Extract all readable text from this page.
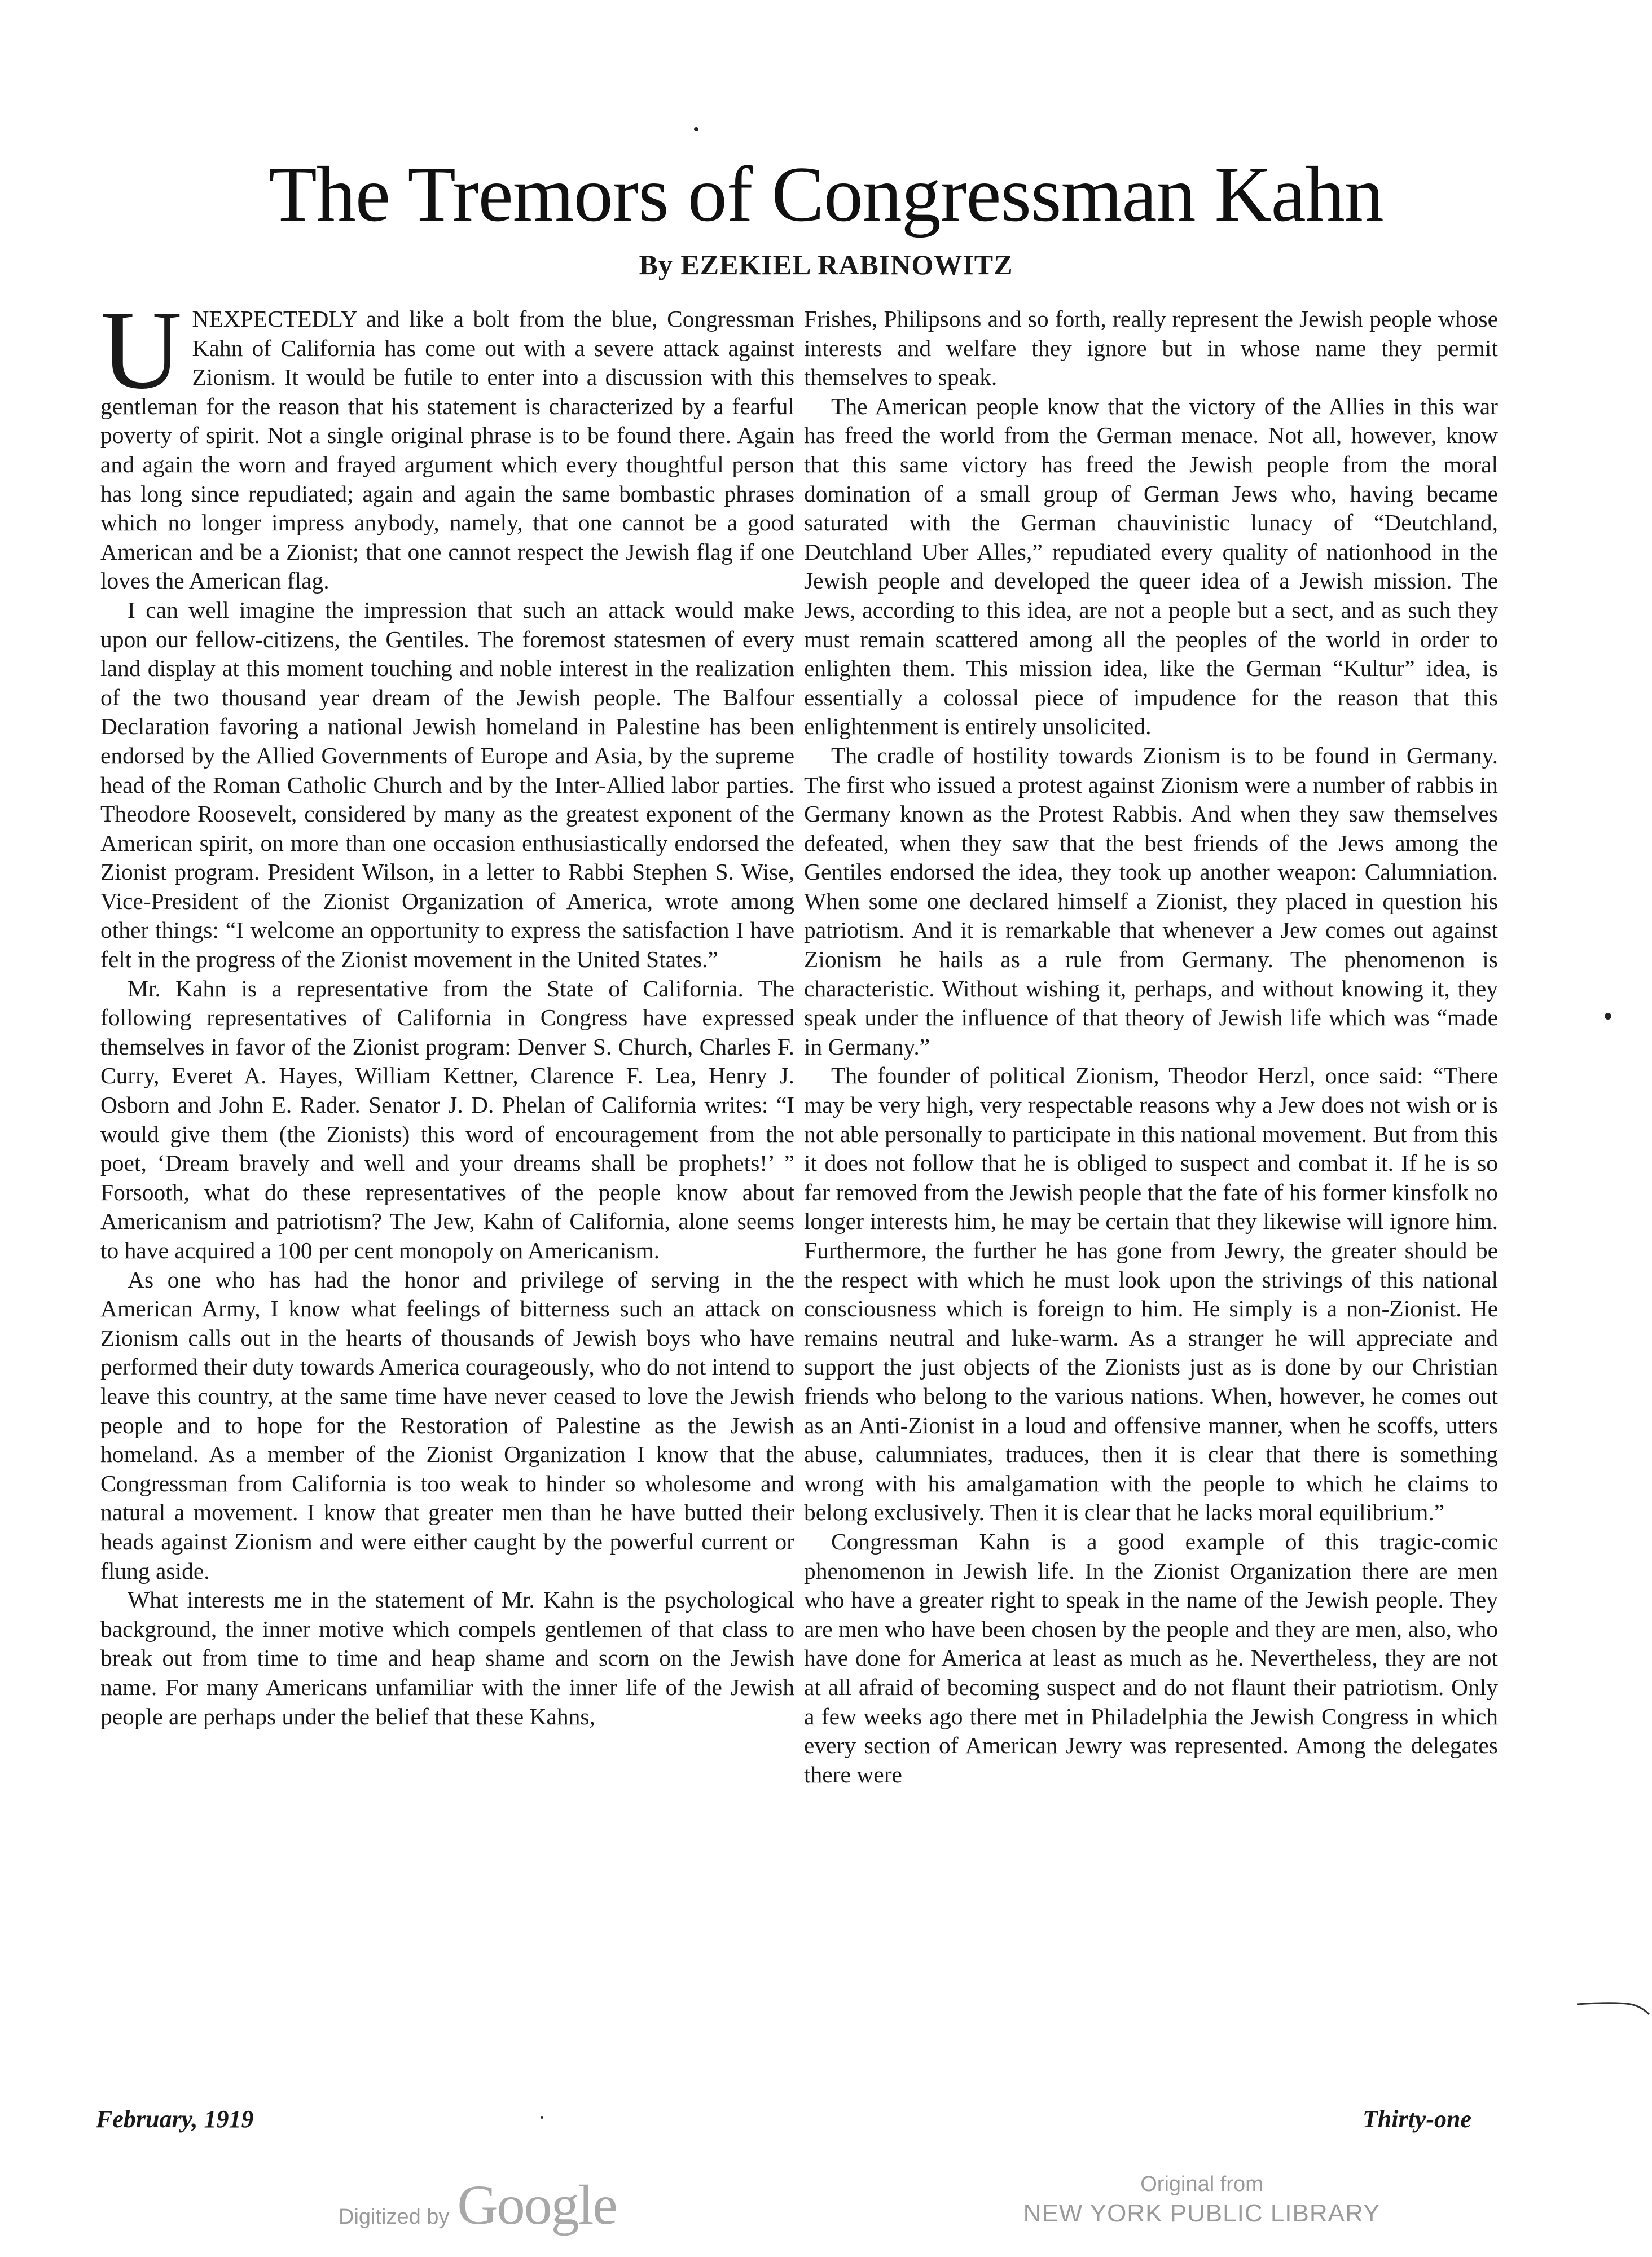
The Tremors of Congressman Kahn
By EZEKIEL RABINOWITZ

UNEXPECTEDLY and like a bolt from the blue, Congressman Kahn of California has come out with a severe attack against Zionism. It would be futile to enter into a discussion with this gentleman for the reason that his statement is characterized by a fearful poverty of spirit. Not a single original phrase is to be found there. Again and again the worn and frayed argument which every thoughtful person has long since repudiated; again and again the same bombastic phrases which no longer impress anybody, namely, that one cannot be a good American and be a Zionist; that one cannot respect the Jewish flag if one loves the American flag.

I can well imagine the impression that such an attack would make upon our fellow-citizens, the Gentiles. The foremost statesmen of every land display at this moment touching and noble interest in the realization of the two thousand year dream of the Jewish people. The Balfour Declaration favoring a national Jewish homeland in Palestine has been endorsed by the Allied Governments of Europe and Asia, by the supreme head of the Roman Catholic Church and by the Inter-Allied labor parties. Theodore Roosevelt, considered by many as the greatest exponent of the American spirit, on more than one occasion enthusiastically endorsed the Zionist program. President Wilson, in a letter to Rabbi Stephen S. Wise, Vice-President of the Zionist Organization of America, wrote among other things: “I welcome an opportunity to express the satisfaction I have felt in the progress of the Zionist movement in the United States.”

Mr. Kahn is a representative from the State of California. The following representatives of California in Congress have expressed themselves in favor of the Zionist program: Denver S. Church, Charles F. Curry, Everet A. Hayes, William Kettner, Clarence F. Lea, Henry J. Osborn and John E. Rader. Senator J. D. Phelan of California writes: “I would give them (the Zionists) this word of encouragement from the poet, ‘Dream bravely and well and your dreams shall be prophets!’ ” Forsooth, what do these representatives of the people know about Americanism and patriotism? The Jew, Kahn of California, alone seems to have acquired a 100 per cent monopoly on Americanism.

As one who has had the honor and privilege of serving in the American Army, I know what feelings of bitterness such an attack on Zionism calls out in the hearts of thousands of Jewish boys who have performed their duty towards America courageously, who do not intend to leave this country, at the same time have never ceased to love the Jewish people and to hope for the Restoration of Palestine as the Jewish homeland. As a member of the Zionist Organization I know that the Congressman from California is too weak to hinder so wholesome and natural a movement. I know that greater men than he have butted their heads against Zionism and were either caught by the powerful current or flung aside.

What interests me in the statement of Mr. Kahn is the psychological background, the inner motive which compels gentlemen of that class to break out from time to time and heap shame and scorn on the Jewish name. For many Americans unfamiliar with the inner life of the Jewish people are perhaps under the belief that these Kahns,

Frishes, Philipsons and so forth, really represent the Jewish people whose interests and welfare they ignore but in whose name they permit themselves to speak.

The American people know that the victory of the Allies in this war has freed the world from the German menace. Not all, however, know that this same victory has freed the Jewish people from the moral domination of a small group of German Jews who, having became saturated with the German chauvinistic lunacy of “Deutchland, Deutchland Uber Alles,” repudiated every quality of nationhood in the Jewish people and developed the queer idea of a Jewish mission. The Jews, according to this idea, are not a people but a sect, and as such they must remain scattered among all the peoples of the world in order to enlighten them. This mission idea, like the German “Kultur” idea, is essentially a colossal piece of impudence for the reason that this enlightenment is entirely unsolicited.

The cradle of hostility towards Zionism is to be found in Germany. The first who issued a protest against Zionism were a number of rabbis in Germany known as the Protest Rabbis. And when they saw themselves defeated, when they saw that the best friends of the Jews among the Gentiles endorsed the idea, they took up another weapon: Calumniation. When some one declared himself a Zionist, they placed in question his patriotism. And it is remarkable that whenever a Jew comes out against Zionism he hails as a rule from Germany. The phenomenon is characteristic. Without wishing it, perhaps, and without knowing it, they speak under the influence of that theory of Jewish life which was “made in Germany.”

The founder of political Zionism, Theodor Herzl, once said: “There may be very high, very respectable reasons why a Jew does not wish or is not able personally to participate in this national movement. But from this it does not follow that he is obliged to suspect and combat it. If he is so far removed from the Jewish people that the fate of his former kinsfolk no longer interests him, he may be certain that they likewise will ignore him. Furthermore, the further he has gone from Jewry, the greater should be the respect with which he must look upon the strivings of this national consciousness which is foreign to him. He simply is a non-Zionist. He remains neutral and luke-warm. As a stranger he will appreciate and support the just objects of the Zionists just as is done by our Christian friends who belong to the various nations. When, however, he comes out as an Anti-Zionist in a loud and offensive manner, when he scoffs, utters abuse, calumniates, traduces, then it is clear that there is something wrong with his amalgamation with the people to which he claims to belong exclusively. Then it is clear that he lacks moral equilibrium.”

Congressman Kahn is a good example of this tragic-comic phenomenon in Jewish life. In the Zionist Organization there are men who have a greater right to speak in the name of the Jewish people. They are men who have been chosen by the people and they are men, also, who have done for America at least as much as he. Nevertheless, they are not at all afraid of becoming suspect and do not flaunt their patriotism. Only a few weeks ago there met in Philadelphia the Jewish Congress in which every section of American Jewry was represented. Among the delegates there were

February, 1919	Thirty-one
Digitized by Google	Original from
NEW YORK PUBLIC LIBRARY
